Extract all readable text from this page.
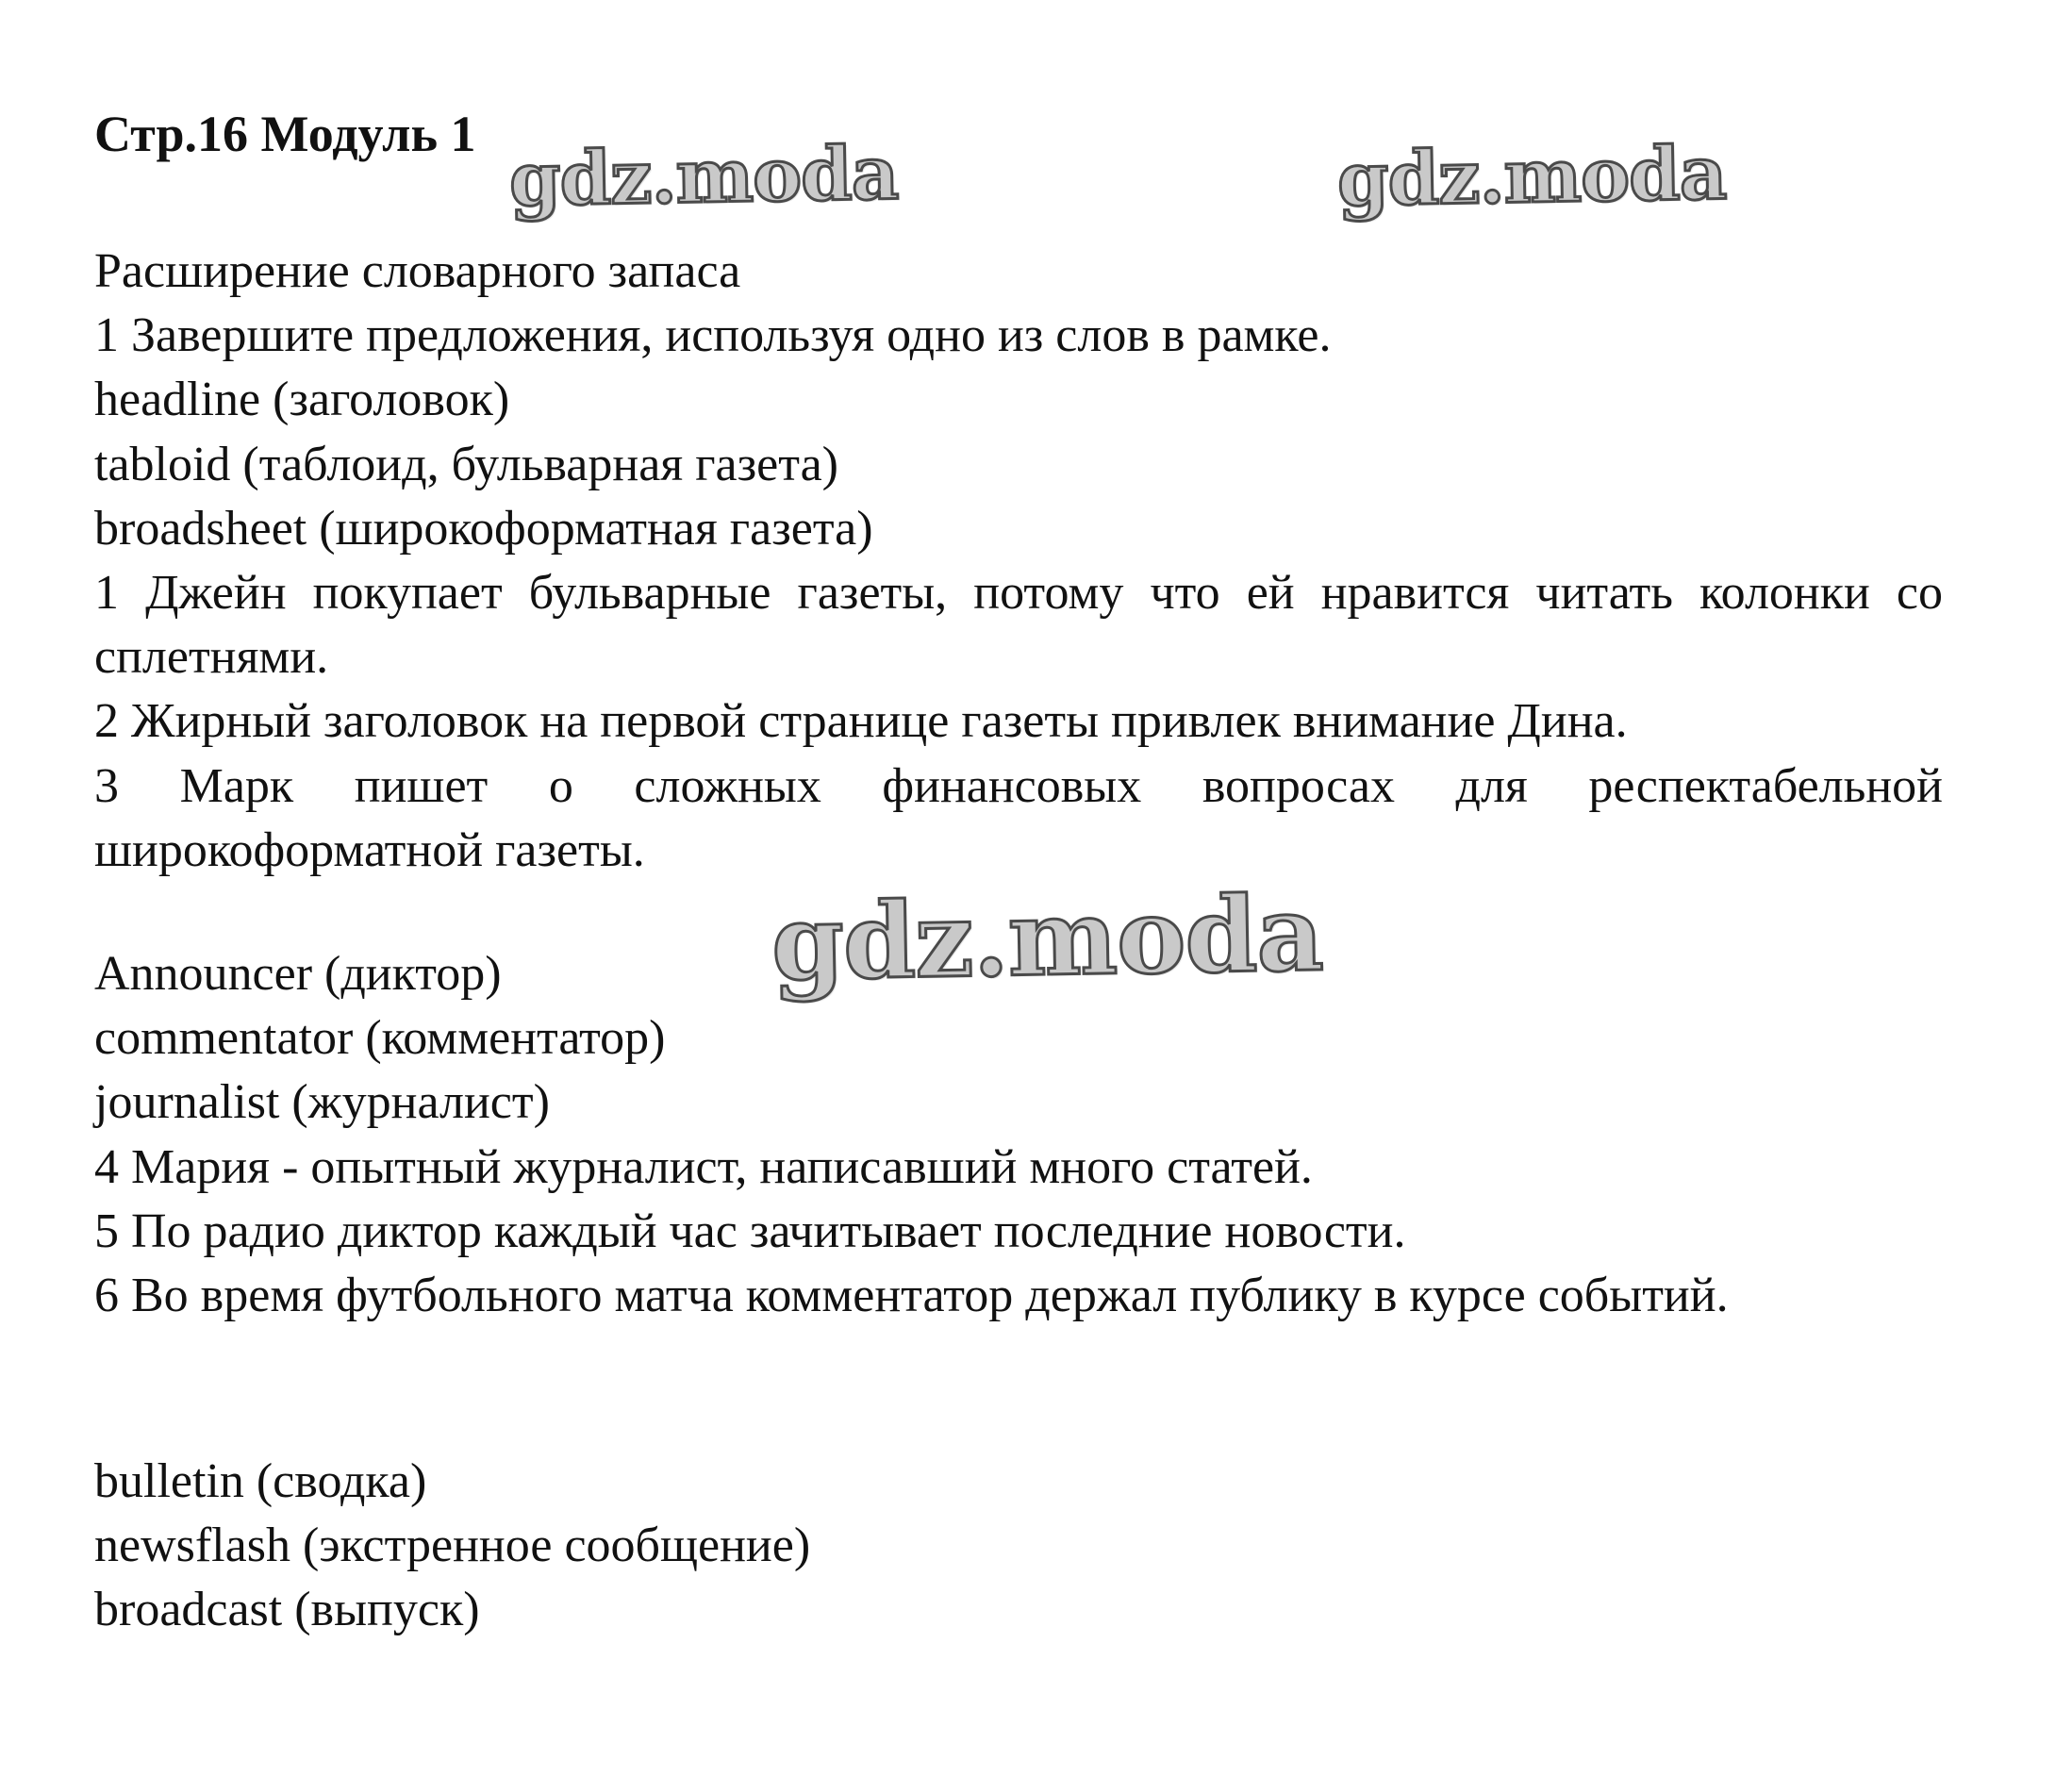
Стр.16 Модуль 1 gdz.moda	gdz.moda
Расширение словарного запаса
1 Завершите предложения, используя одно из слов в рамке.
headline (заголовок)
tabloid (таблоид, бульварная газета)
broadsheet (широкоформатная газета)
1 Джейн покупает бульварные газеты, потому что ей нравится читать колонки со сплетнями.
2 Жирный заголовок на первой странице газеты привлек внимание Дина.
3 Марк пишет о сложных финансовых вопросах для респектабельной широкоформатной газеты.
Announcer (диктор)
commentator (комментатор)
journalist (журналист)
4 Мария - опытный журналист, написавший много статей.
5 По радио диктор каждый час зачитывает последние новости.
6 Во время футбольного матча комментатор держал публику в курсе событий.
gdz.moda
bulletin (сводка)
newsflash (экстренное сообщение)
broadcast (выпуск)
